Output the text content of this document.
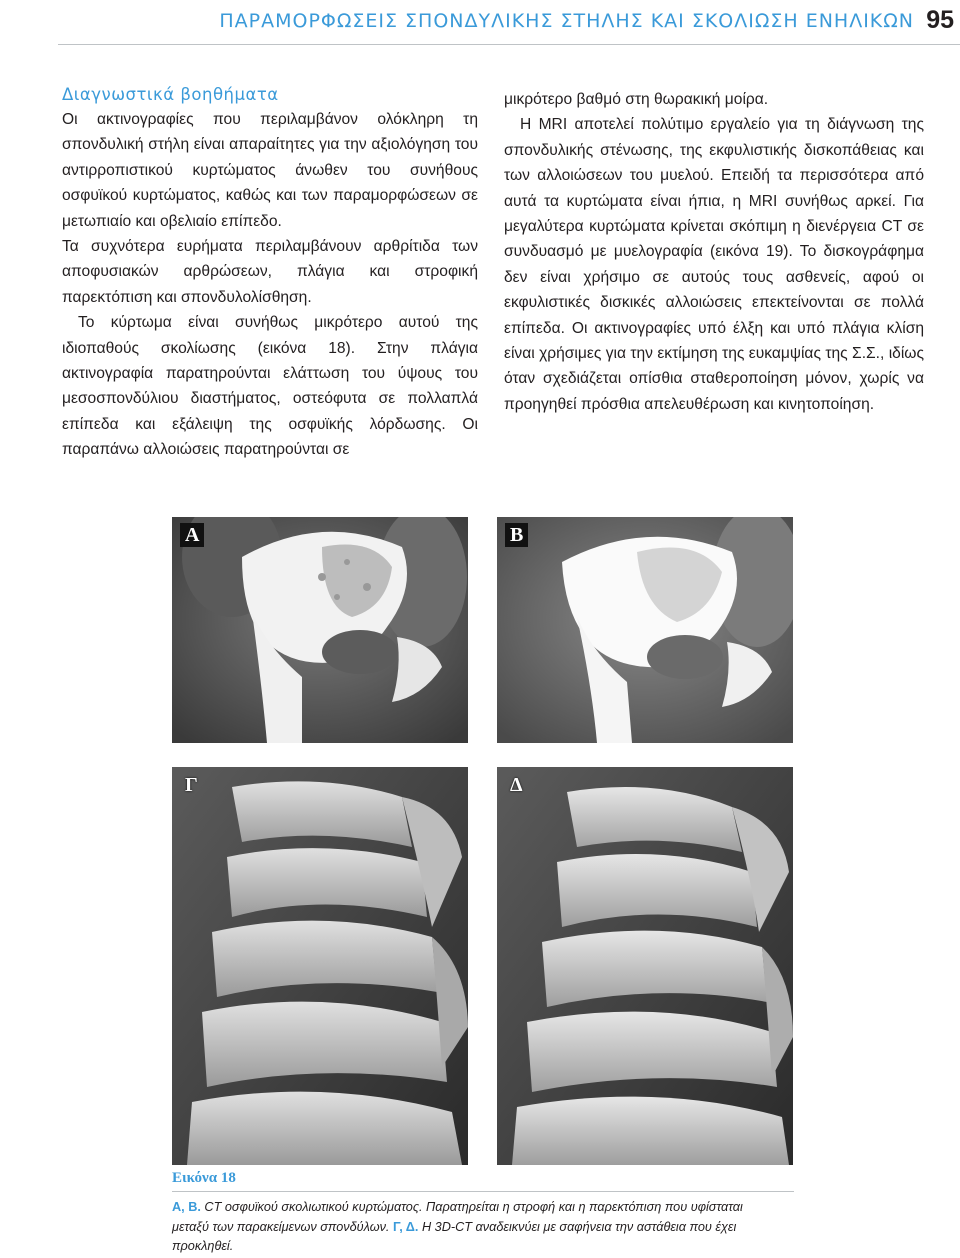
ΠΑΡΑΜΟΡΦΩΣΕΙΣ ΣΠΟΝΔΥΛΙΚΗΣ ΣΤΗΛΗΣ ΚΑΙ ΣΚΟΛΙΩΣΗ ΕΝΗΛΙΚΩΝ 95
Διαγνωστικά βοηθήματα
Οι ακτινογραφίες που περιλαμβάνον ολόκληρη τη σπονδυλική στήλη είναι απαραίτητες για την αξιολόγηση του αντιρροπιστικού κυρτώματος άνωθεν του συνήθους οσφυϊκού κυρτώματος, καθώς και των παραμορφώσεων σε μετωπιαίο και οβελιαίο επίπεδο.
Τα συχνότερα ευρήματα περιλαμβάνουν αρθρίτιδα των αποφυσιακών αρθρώσεων, πλάγια και στροφική παρεκτόπιση και σπονδυλολίσθηση.
Το κύρτωμα είναι συνήθως μικρότερο αυτού της ιδιοπαθούς σκολίωσης (εικόνα 18). Στην πλάγια ακτινογραφία παρατηρούνται ελάττωση του ύψους του μεσοσπονδύλιου διαστήματος, οστεόφυτα σε πολλαπλά επίπεδα και εξάλειψη της οσφυϊκής λόρδωσης. Οι παραπάνω αλλοιώσεις παρατηρούνται σε
μικρότερο βαθμό στη θωρακική μοίρα.
Η MRI αποτελεί πολύτιμο εργαλείο για τη διάγνωση της σπονδυλικής στένωσης, της εκφυλιστικής δισκοπάθειας και των αλλοιώσεων του μυελού. Επειδή τα περισσότερα από αυτά τα κυρτώματα είναι ήπια, η MRI συνήθως αρκεί. Για μεγαλύτερα κυρτώματα κρίνεται σκόπιμη η διενέργεια CT σε συνδυασμό με μυελογραφία (εικόνα 19). Το δισκογράφημα δεν είναι χρήσιμο σε αυτούς τους ασθενείς, αφού οι εκφυλιστικές δισκικές αλλοιώσεις επεκτείνονται σε πολλά επίπεδα. Οι ακτινογραφίες υπό έλξη και υπό πλάγια κλίση είναι χρήσιμες για την εκτίμηση της ευκαμψίας της Σ.Σ., ιδίως όταν σχεδιάζεται οπίσθια σταθεροποίηση μόνον, χωρίς να προηγηθεί πρόσθια απελευθέρωση και κινητοποίηση.
A	B
Γ	Δ
Εικόνα 18

Α, Β. CT οσφυϊκού σκολιωτικού κυρτώματος. Παρατηρείται η στροφή και η παρεκτόπιση που υφίσταται μεταξύ των παρακείμενων σπονδύλων. Γ, Δ. Η 3D-CT αναδεικνύει με σαφήνεια την αστάθεια που έχει προκληθεί.
